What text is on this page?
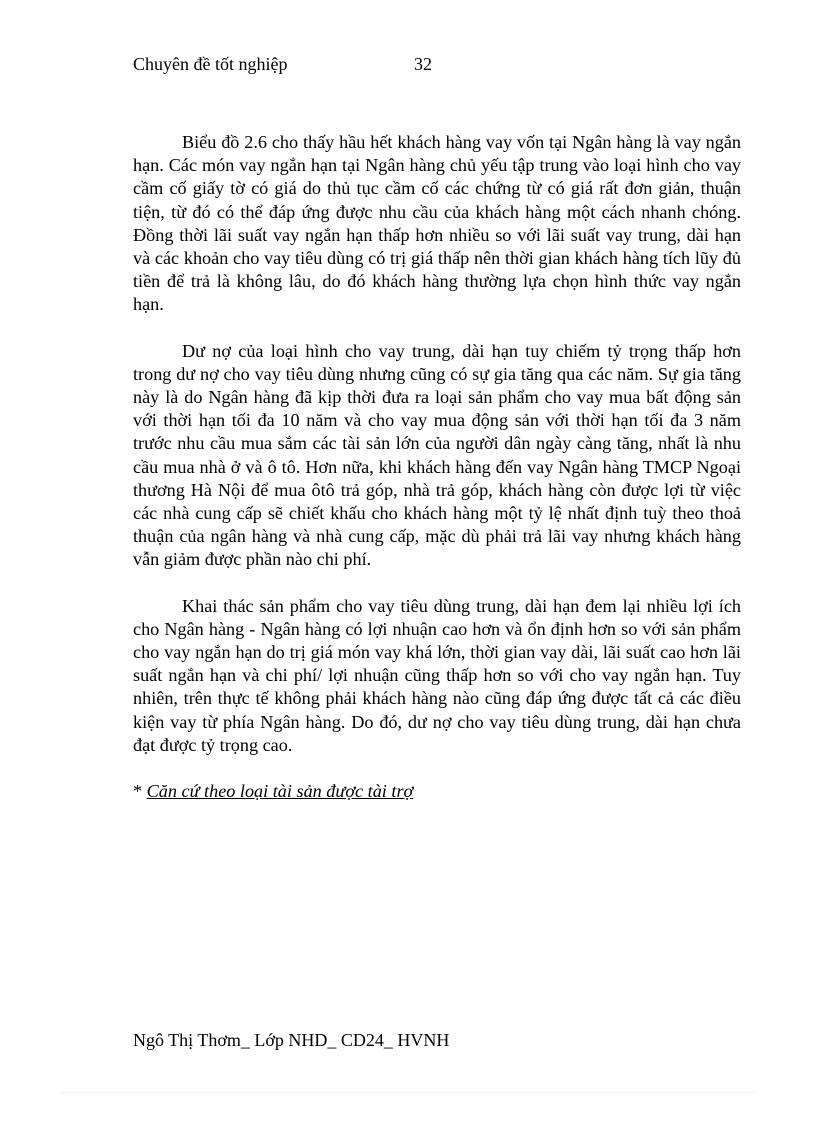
Chuyên đề tốt nghiệp	32

Biểu đồ 2.6 cho thấy hầu hết khách hàng vay vốn tại Ngân hàng là vay ngắn hạn. Các món vay ngắn hạn tại Ngân hàng chủ yếu tập trung vào loại hình cho vay cầm cố giấy tờ có giá do thủ tục cầm cố các chứng từ có giá rất đơn giản, thuận tiện, từ đó có thể đáp ứng được nhu cầu của khách hàng một cách nhanh chóng. Đồng thời lãi suất vay ngắn hạn thấp hơn nhiều so với lãi suất vay trung, dài hạn và các khoản cho vay tiêu dùng có trị giá thấp nên thời gian khách hàng tích lũy đủ tiền để trả là không lâu, do đó khách hàng thường lựa chọn hình thức vay ngắn hạn.

Dư nợ của loại hình cho vay trung, dài hạn tuy chiếm tỷ trọng thấp hơn trong dư nợ cho vay tiêu dùng nhưng cũng có sự gia tăng qua các năm. Sự gia tăng này là do Ngân hàng đã kịp thời đưa ra loại sản phẩm cho vay mua bất động sản với thời hạn tối đa 10 năm và cho vay mua động sản với thời hạn tối đa 3 năm trước nhu cầu mua sắm các tài sản lớn của người dân ngày càng tăng, nhất là nhu cầu mua nhà ở và ô tô. Hơn nữa, khi khách hàng đến vay Ngân hàng TMCP Ngoại thương Hà Nội để mua ôtô trả góp, nhà trả góp, khách hàng còn được lợi từ việc các nhà cung cấp sẽ chiết khấu cho khách hàng một tỷ lệ nhất định tuỳ theo thoả thuận của ngân hàng và nhà cung cấp, mặc dù phải trả lãi vay nhưng khách hàng vẫn giảm được phần nào chi phí.

Khai thác sản phẩm cho vay tiêu dùng trung, dài hạn đem lại nhiều lợi ích cho Ngân hàng - Ngân hàng có lợi nhuận cao hơn và ổn định hơn so với sản phẩm cho vay ngắn hạn do trị giá món vay khá lớn, thời gian vay dài, lãi suất cao hơn lãi suất ngắn hạn và chi phí/ lợi nhuận cũng thấp hơn so với cho vay ngắn hạn. Tuy nhiên, trên thực tế không phải khách hàng nào cũng đáp ứng được tất cả các điều kiện vay từ phía Ngân hàng. Do đó, dư nợ cho vay tiêu dùng trung, dài hạn chưa đạt được tỷ trọng cao.

* Căn cứ theo loại tài sản được tài trợ

Ngô Thị Thơm_ Lớp NHD_ CD24_ HVNH
